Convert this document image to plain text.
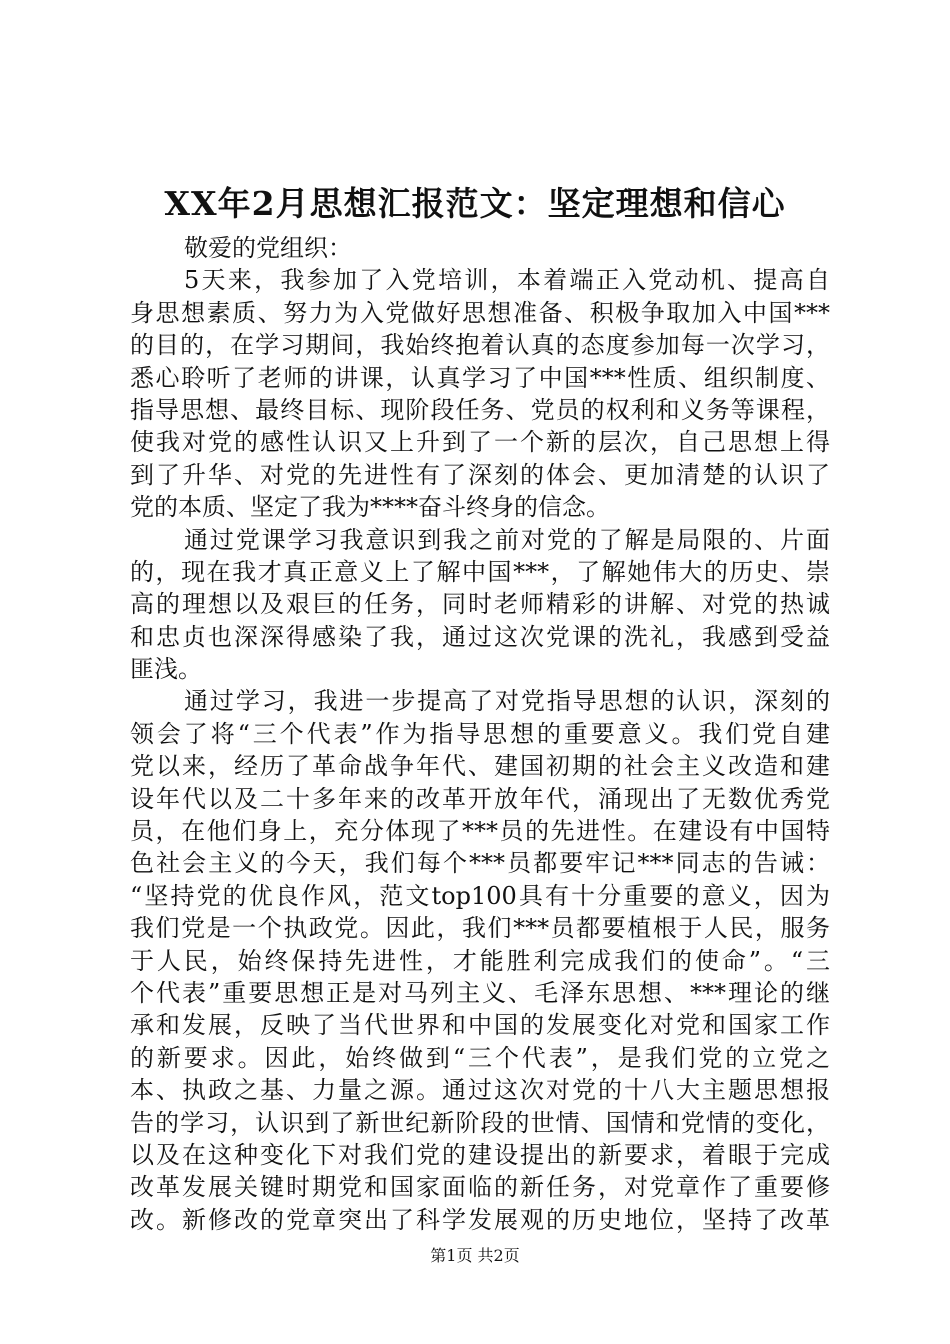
XX年2月思想汇报范文：坚定理想和信心
敬爱的党组织：
5天来，我参加了入党培训，本着端正入党动机、提高自
身思想素质、努力为入党做好思想准备、积极争取加入中国***
的目的，在学习期间，我始终抱着认真的态度参加每一次学习，
悉心聆听了老师的讲课，认真学习了中国***性质、组织制度、
指导思想、最终目标、现阶段任务、党员的权利和义务等课程，
使我对党的感性认识又上升到了一个新的层次，自己思想上得
到了升华、对党的先进性有了深刻的体会、更加清楚的认识了
党的本质、坚定了我为****奋斗终身的信念。
通过党课学习我意识到我之前对党的了解是局限的、片面
的，现在我才真正意义上了解中国***，了解她伟大的历史、崇
高的理想以及艰巨的任务，同时老师精彩的讲解、对党的热诚
和忠贞也深深得感染了我，通过这次党课的洗礼，我感到受益
匪浅。
通过学习，我进一步提高了对党指导思想的认识，深刻的
领会了将“三个代表”作为指导思想的重要意义。我们党自建
党以来，经历了革命战争年代、建国初期的社会主义改造和建
设年代以及二十多年来的改革开放年代，涌现出了无数优秀党
员，在他们身上，充分体现了***员的先进性。在建设有中国特
色社会主义的今天，我们每个***员都要牢记***同志的告诫：
“坚持党的优良作风，范文top100具有十分重要的意义，因为
我们党是一个执政党。因此，我们***员都要植根于人民，服务
于人民，始终保持先进性，才能胜利完成我们的使命”。“三
个代表”重要思想正是对马列主义、毛泽东思想、***理论的继
承和发展，反映了当代世界和中国的发展变化对党和国家工作
的新要求。因此，始终做到“三个代表”，是我们党的立党之
本、执政之基、力量之源。通过这次对党的十八大主题思想报
告的学习，认识到了新世纪新阶段的世情、国情和党情的变化，
以及在这种变化下对我们党的建设提出的新要求，着眼于完成
改革发展关键时期党和国家面临的新任务，对党章作了重要修
改。新修改的党章突出了科学发展观的历史地位，坚持了改革
第1页 共2页
